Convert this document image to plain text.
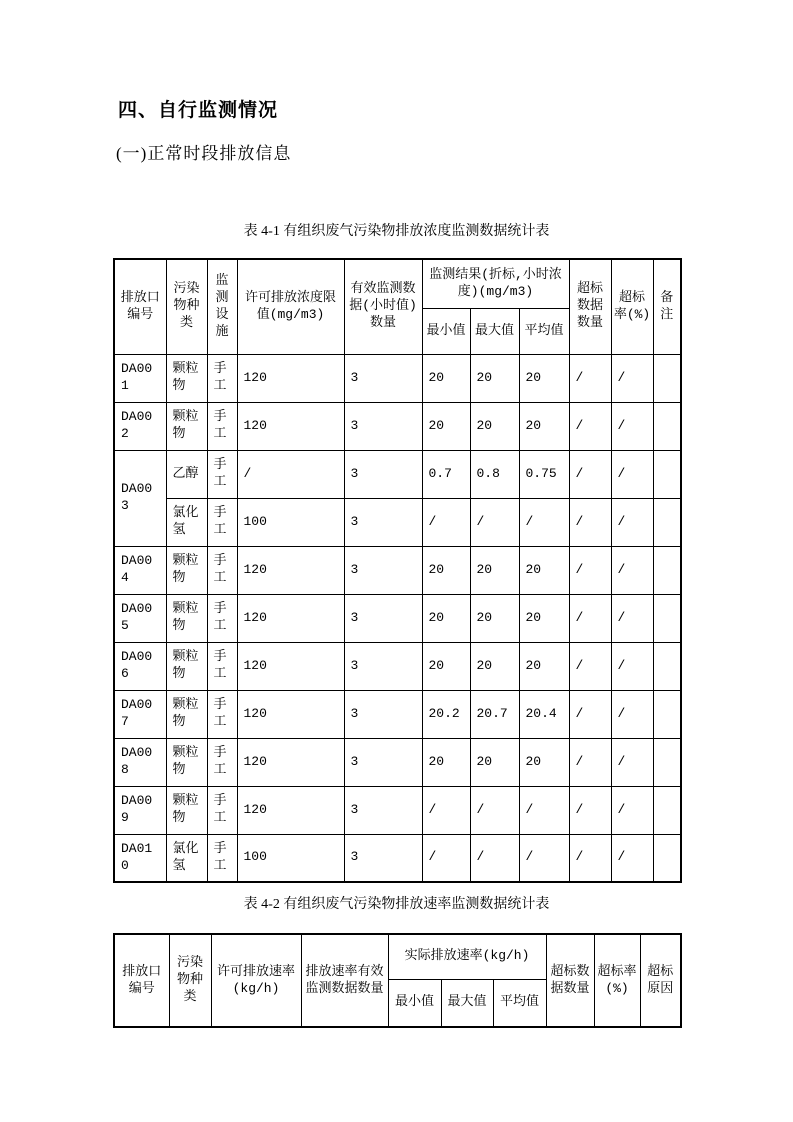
四、自行监测情况
(一)正常时段排放信息
表 4-1 有组织废气污染物排放浓度监测数据统计表
排放口编号	污染物种类	监测设施	许可排放浓度限值(mg/m3)	有效监测数据(小时值)数量	监测结果(折标,小时浓度)(mg/m3)			超标数据数量	超标率(%)	备注
					最小值	最大值	平均值			
DA001	颗粒物	手工	120	3	20	20	20	/	/	
DA002	颗粒物	手工	120	3	20	20	20	/	/	
DA003	乙醇	手工	/	3	0.7	0.8	0.75	/	/	
	氯化氢	手工	100	3	/	/	/	/	/	
DA004	颗粒物	手工	120	3	20	20	20	/	/	
DA005	颗粒物	手工	120	3	20	20	20	/	/	
DA006	颗粒物	手工	120	3	20	20	20	/	/	
DA007	颗粒物	手工	120	3	20.2	20.7	20.4	/	/	
DA008	颗粒物	手工	120	3	20	20	20	/	/	
DA009	颗粒物	手工	120	3	/	/	/	/	/	
DA010	氯化氢	手工	100	3	/	/	/	/	/	
表 4-2 有组织废气污染物排放速率监测数据统计表
排放口编号	污染物种类	许可排放速率(kg/h)	排放速率有效监测数据数量	实际排放速率(kg/h)			超标数据数量	超标率(%)	超标原因
				最小值	最大值	平均值			
